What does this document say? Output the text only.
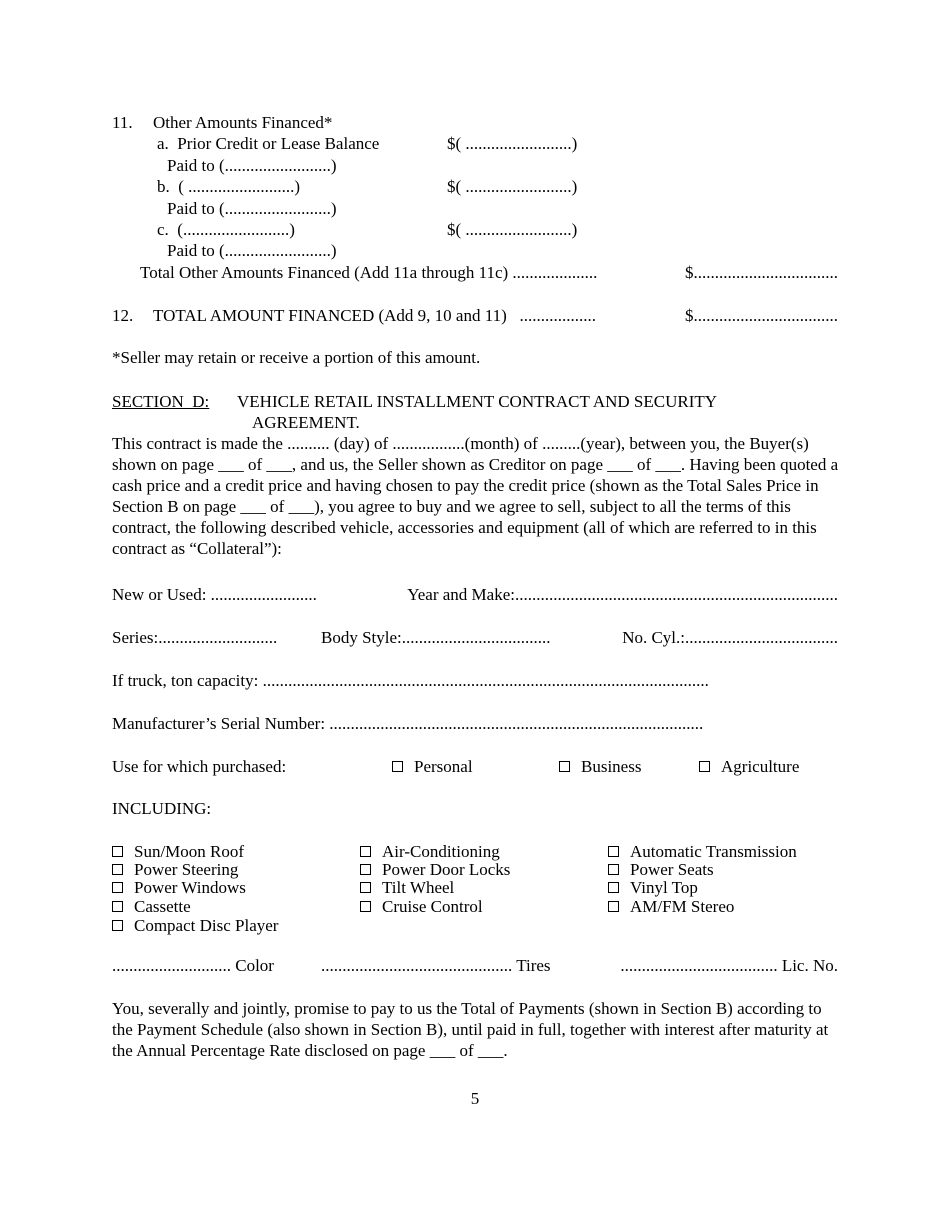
11. Other Amounts Financed*
a.  Prior Credit or Lease Balance	$( .........................)
Paid to (.........................)
b.  ( .........................)	$( .........................)
Paid to (.........................)
c.  (.........................)	$( .........................)
Paid to (.........................)
Total Other Amounts Financed (Add 11a through 11c) ....................	$..................................
12. TOTAL AMOUNT FINANCED (Add 9, 10 and 11)   ..................	$..................................
*Seller may retain or receive a portion of this amount.
SECTION  D: VEHICLE RETAIL INSTALLMENT CONTRACT AND SECURITY
AGREEMENT.
This contract is made the .......... (day) of .................(month) of .........(year), between you, the Buyer(s) shown on page ___ of ___, and us, the Seller shown as Creditor on page ___ of ___. Having been quoted a cash price and a credit price and having chosen to pay the credit price (shown as the Total Sales Price in Section B on page ___ of ___), you agree to buy and we agree to sell, subject to all the terms of this contract, the following described vehicle, accessories and equipment (all of which are referred to in this contract as “Collateral”):
New or Used: .........................	Year and Make:............................................................................
Series:............................	Body Style:...................................	No. Cyl.:....................................
If truck, ton capacity: .........................................................................................................
Manufacturer’s Serial Number: ........................................................................................
Use for which purchased:	Personal	Business	Agriculture
INCLUDING:
Sun/Moon Roof
Power Steering
Power Windows
Cassette
Compact Disc Player
Air-Conditioning
Power Door Locks
Tilt Wheel
Cruise Control
Automatic Transmission
Power Seats
Vinyl Top
AM/FM Stereo
............................ Color	............................................. Tires	..................................... Lic. No.
You, severally and jointly, promise to pay to us the Total of Payments (shown in Section B) according to the Payment Schedule (also shown in Section B), until paid in full, together with interest after maturity at the Annual Percentage Rate disclosed on page ___ of ___.
5
